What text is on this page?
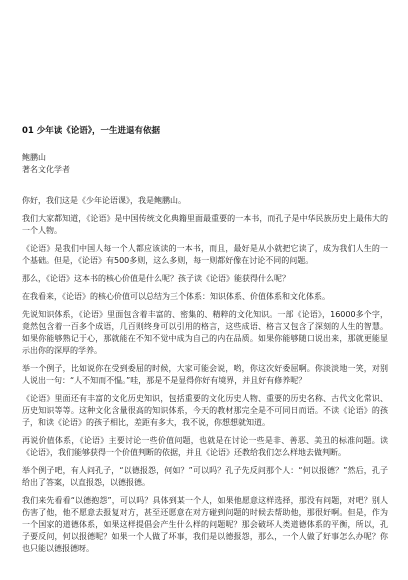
01 少年读《论语》，一生进退有依据
鲍鹏山
著名文化学者

你好，我们这是《少年论语课》，我是鲍鹏山。

我们大家都知道，《论语》是中国传统文化典籍里面最重要的一本书，而孔子是中华民族历史上最伟大的一个人物。

《论语》是我们中国人每一个人都应该读的一本书，而且，最好是从小就把它读了，成为我们人生的一个基础。但是，《论语》有500多则，这么多则，每一则都好像在讨论不同的问题。

那么，《论语》这本书的核心价值是什么呢？孩子读《论语》能获得什么呢？

在我看来，《论语》的核心价值可以总结为三个体系：知识体系、价值体系和文化体系。

先说知识体系，《论语》里面包含着丰富的、密集的、精粹的文化知识。一部《论语》，16000多个字，竟然包含着一百多个成语，几百则终身可以引用的格言，这些成语、格言又包含了深刻的人生的智慧。如果你能够熟记于心，那就能在不知不觉中成为自己的内在品质。如果你能够随口说出来，那就更能显示出你的深厚的学养。

举一个例子，比如说你在受到委屈的时候，大家可能会说，哟，你这次好委屈啊。你淡淡地一笑，对别人说出一句：“人不知而不愠。”哇，那是不是显得你好有境界，并且好有修养呢？

《论语》里面还有丰富的文化历史知识，包括重要的文化历史人物、重要的历史名称、古代文化常识、历史知识等等。这种文化含量很高的知识体系，今天的教材那完全是不可同日而语。不读《论语》的孩子，和读《论语》的孩子相比，差距有多大，我不说，你想想就知道。

再说价值体系，《论语》主要讨论一些价值问题，也就是在讨论一些是非、善恶、美丑的标准问题。读《论语》，我们能够获得一个价值判断的依据，并且《论语》还教给我们怎么样地去做判断。

举个例子吧，有人问孔子，“以德报怨，何如？”可以吗？孔子先反问那个人：“何以报德？”然后，孔子给出了答案，以直报怨，以德报德。

我们来先看看“以德抱怨”，可以吗？具体到某一个人，如果他愿意这样选择，那没有问题，对吧？别人伤害了他，他不愿意去报复对方，甚至还愿意在对方碰到问题的时候去帮助他，那很好啊。但是，作为一个国家的道德体系，如果这样提倡会产生什么样的问题呢？那会破坏人类道德体系的平衡，所以，孔子要反问，何以报德呢？如果一个人做了坏事，我们是以德报怨，那么，一个人做了好事怎么办呢？你也只能以德报德呀。
